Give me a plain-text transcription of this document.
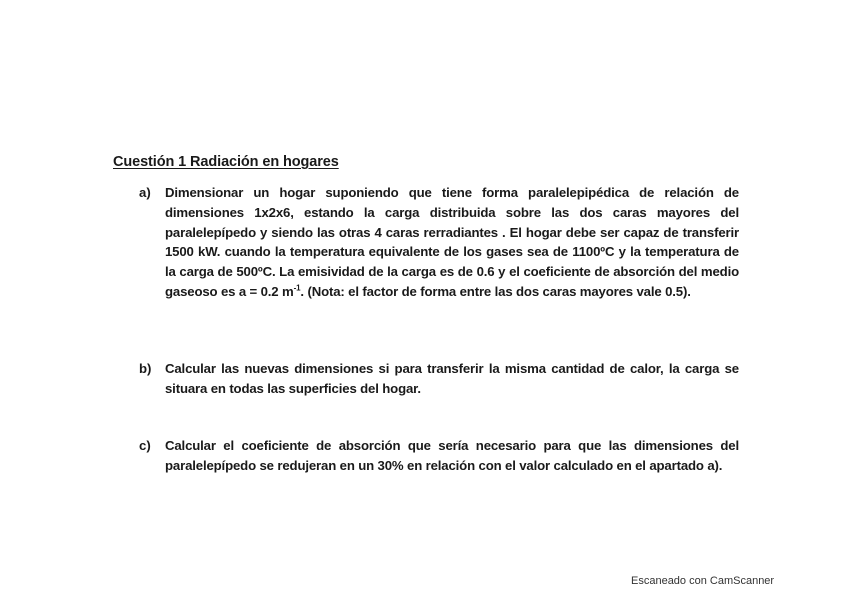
Cuestión 1 Radiación en hogares
a) Dimensionar un hogar suponiendo que tiene forma paralelepipédica de relación de dimensiones 1x2x6, estando la carga distribuida sobre las dos caras mayores del paralelepípedo y siendo las otras 4 caras rerradiantes . El hogar debe ser capaz de transferir 1500 kW. cuando la temperatura equivalente de los gases sea de 1100ºC y la temperatura de la carga de 500ºC. La emisividad de la carga es de 0.6 y el coeficiente de absorción del medio gaseoso es a = 0.2 $m^{-1}$. (Nota: el factor de forma entre las dos caras mayores vale 0.5).
b) Calcular las nuevas dimensiones si para transferir la misma cantidad de calor, la carga se situara en todas las superficies del hogar.
c) Calcular el coeficiente de absorción que sería necesario para que las dimensiones del paralelepípedo se redujeran en un 30% en relación con el valor calculado en el apartado a).
Escaneado con CamScanner
